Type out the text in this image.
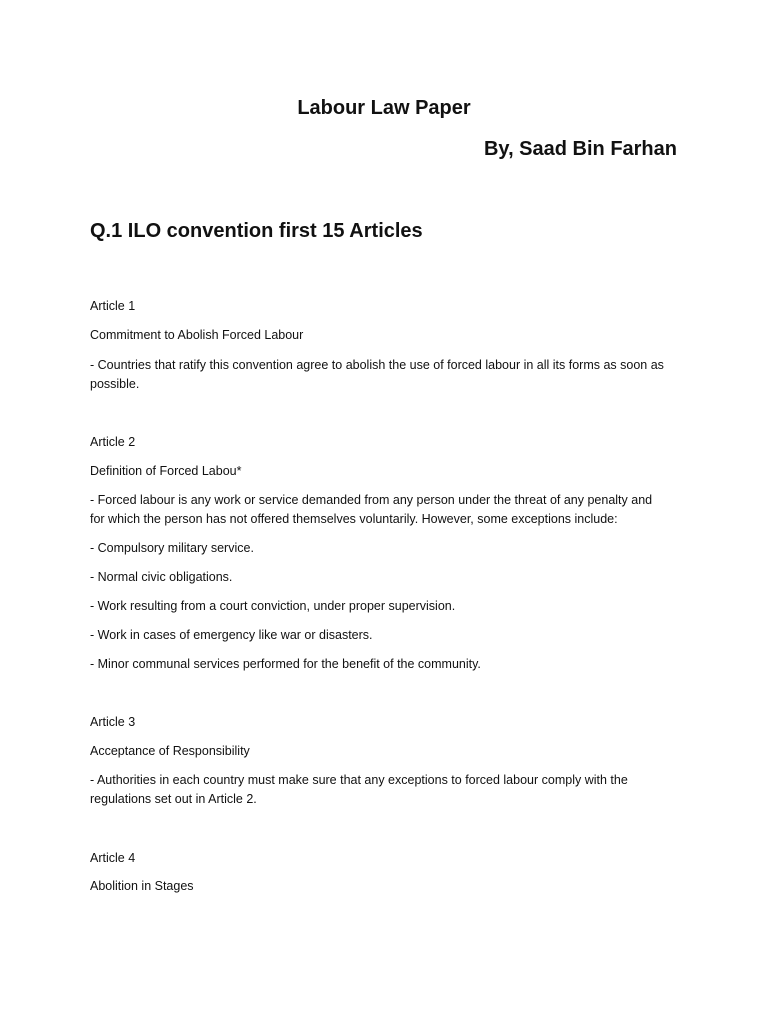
Labour Law Paper
By, Saad Bin Farhan
Q.1 ILO convention first 15 Articles

Article 1

Commitment to Abolish Forced Labour

- Countries that ratify this convention agree to abolish the use of forced labour in all its forms as soon as

possible.

Article 2

Definition of Forced Labou*

- Forced labour is any work or service demanded from any person under the threat of any penalty and

for which the person has not offered themselves voluntarily. However, some exceptions include:

- Compulsory military service.

- Normal civic obligations.

- Work resulting from a court conviction, under proper supervision.

- Work in cases of emergency like war or disasters.

- Minor communal services performed for the benefit of the community.

Article 3

Acceptance of Responsibility

- Authorities in each country must make sure that any exceptions to forced labour comply with the

regulations set out in Article 2.

Article 4

Abolition in Stages
